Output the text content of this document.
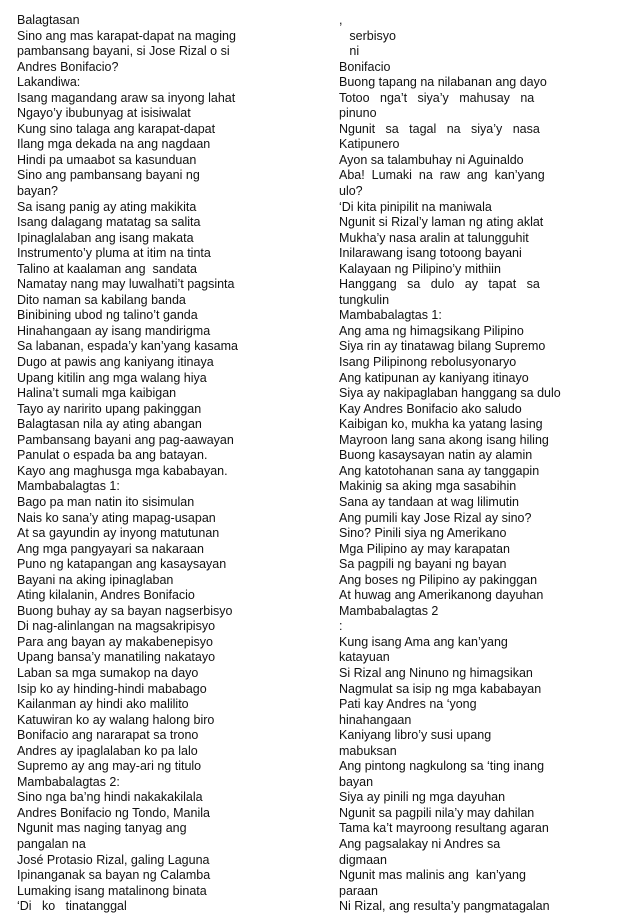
Balagtasan
Sino ang mas karapat-dapat na maging
pambansang bayani, si Jose Rizal o si
Andres Bonifacio?
Lakandiwa:
Isang magandang araw sa inyong lahat
Ngayo’y ibubunyag at isisiwalat
Kung sino talaga ang karapat-dapat
Ilang mga dekada na ang nagdaan
Hindi pa umaabot sa kasunduan
Sino ang pambansang bayani ng
bayan?
Sa isang panig ay ating makikita
Isang dalagang matatag sa salita
Ipinaglalaban ang isang makata
Instrumento’y pluma at itim na tinta
Talino at kaalaman ang  sandata
Namatay nang may luwalhati’t pagsinta
Dito naman sa kabilang banda
Binibining ubod ng talino’t ganda
Hinahangaan ay isang mandirigma
Sa labanan, espada’y kan’yang kasama
Dugo at pawis ang kaniyang itinaya
Upang kitilin ang mga walang hiya
Halina’t sumali mga kaibigan
Tayo ay naririto upang pakinggan
Balagtasan nila ay ating abangan
Pambansang bayani ang pag-aawayan
Panulat o espada ba ang batayan.
Kayo ang maghusga mga kababayan.
Mambabalagtas 1:
Bago pa man natin ito sisimulan
Nais ko sana’y ating mapag-usapan
At sa gayundin ay inyong matutunan
Ang mga pangyayari sa nakaraan
Puno ng katapangan ang kasaysayan
Bayani na aking ipinaglaban
Ating kilalanin, Andres Bonifacio
Buong buhay ay sa bayan nagserbisyo
Di nag-alinlangan na magsakripisyo
Para ang bayan ay makabenepisyo
Upang bansa’y manatiling nakatayo
Laban sa mga sumakop na dayo
Isip ko ay hinding-hindi mababago
Kailanman ay hindi ako malilito
Katuwiran ko ay walang halong biro
Bonifacio ang nararapat sa trono
Andres ay ipaglalaban ko pa lalo
Supremo ay ang may-ari ng titulo
Mambabalagtas 2:
Sino nga ba’ng hindi nakakakilala
Andres Bonifacio ng Tondo, Manila
Ngunit mas naging tanyag ang
pangalan na
José Protasio Rizal, galing Laguna
Ipinanganak sa bayan ng Calamba
Lumaking isang matalinong binata
‘Di   ko   tinatanggal
,
serbisyo
ni
Bonifacio
Buong tapang na nilabanan ang dayo
Totoo   nga’t   siya’y   mahusay   na
pinuno
Ngunit   sa   tagal   na   siya’y   nasa
Katipunero
Ayon sa talambuhay ni Aguinaldo
Aba!  Lumaki  na  raw  ang  kan’yang
ulo?
‘Di kita pinipilit na maniwala
Ngunit si Rizal’y laman ng ating aklat
Mukha’y nasa aralin at talungguhit
Inilarawang isang totoong bayani
Kalayaan ng Pilipino’y mithiin
Hanggang   sa   dulo   ay   tapat   sa
tungkulin
Mambabalagtas 1:
Ang ama ng himagsikang Pilipino
Siya rin ay tinatawag bilang Supremo
Isang Pilipinong rebolusyonaryo
Ang katipunan ay kaniyang itinayo
Siya ay nakipaglaban hanggang sa dulo
Kay Andres Bonifacio ako saludo
Kaibigan ko, mukha ka yatang lasing
Mayroon lang sana akong isang hiling
Buong kasaysayan natin ay alamin
Ang katotohanan sana ay tanggapin
Makinig sa aking mga sasabihin
Sana ay tandaan at wag lilimutin
Ang pumili kay Jose Rizal ay sino?
Sino? Pinili siya ng Amerikano
Mga Pilipino ay may karapatan
Sa pagpili ng bayani ng bayan
Ang boses ng Pilipino ay pakinggan
At huwag ang Amerikanong dayuhan
Mambabalagtas 2
:
Kung isang Ama ang kan’yang
katayuan
Si Rizal ang Ninuno ng himagsikan
Nagmulat sa isip ng mga kababayan
Pati kay Andres na ‘yong
hinahangaan
Kaniyang libro’y susi upang
mabuksan
Ang pintong nagkulong sa ‘ting inang
bayan
Siya ay pinili ng mga dayuhan
Ngunit sa pagpili nila’y may dahilan
Tama ka’t mayroong resultang agaran
Ang pagsalakay ni Andres sa
digmaan
Ngunit mas malinis ang  kan’yang
paraan
Ni Rizal, ang resulta’y pangmatagalan
